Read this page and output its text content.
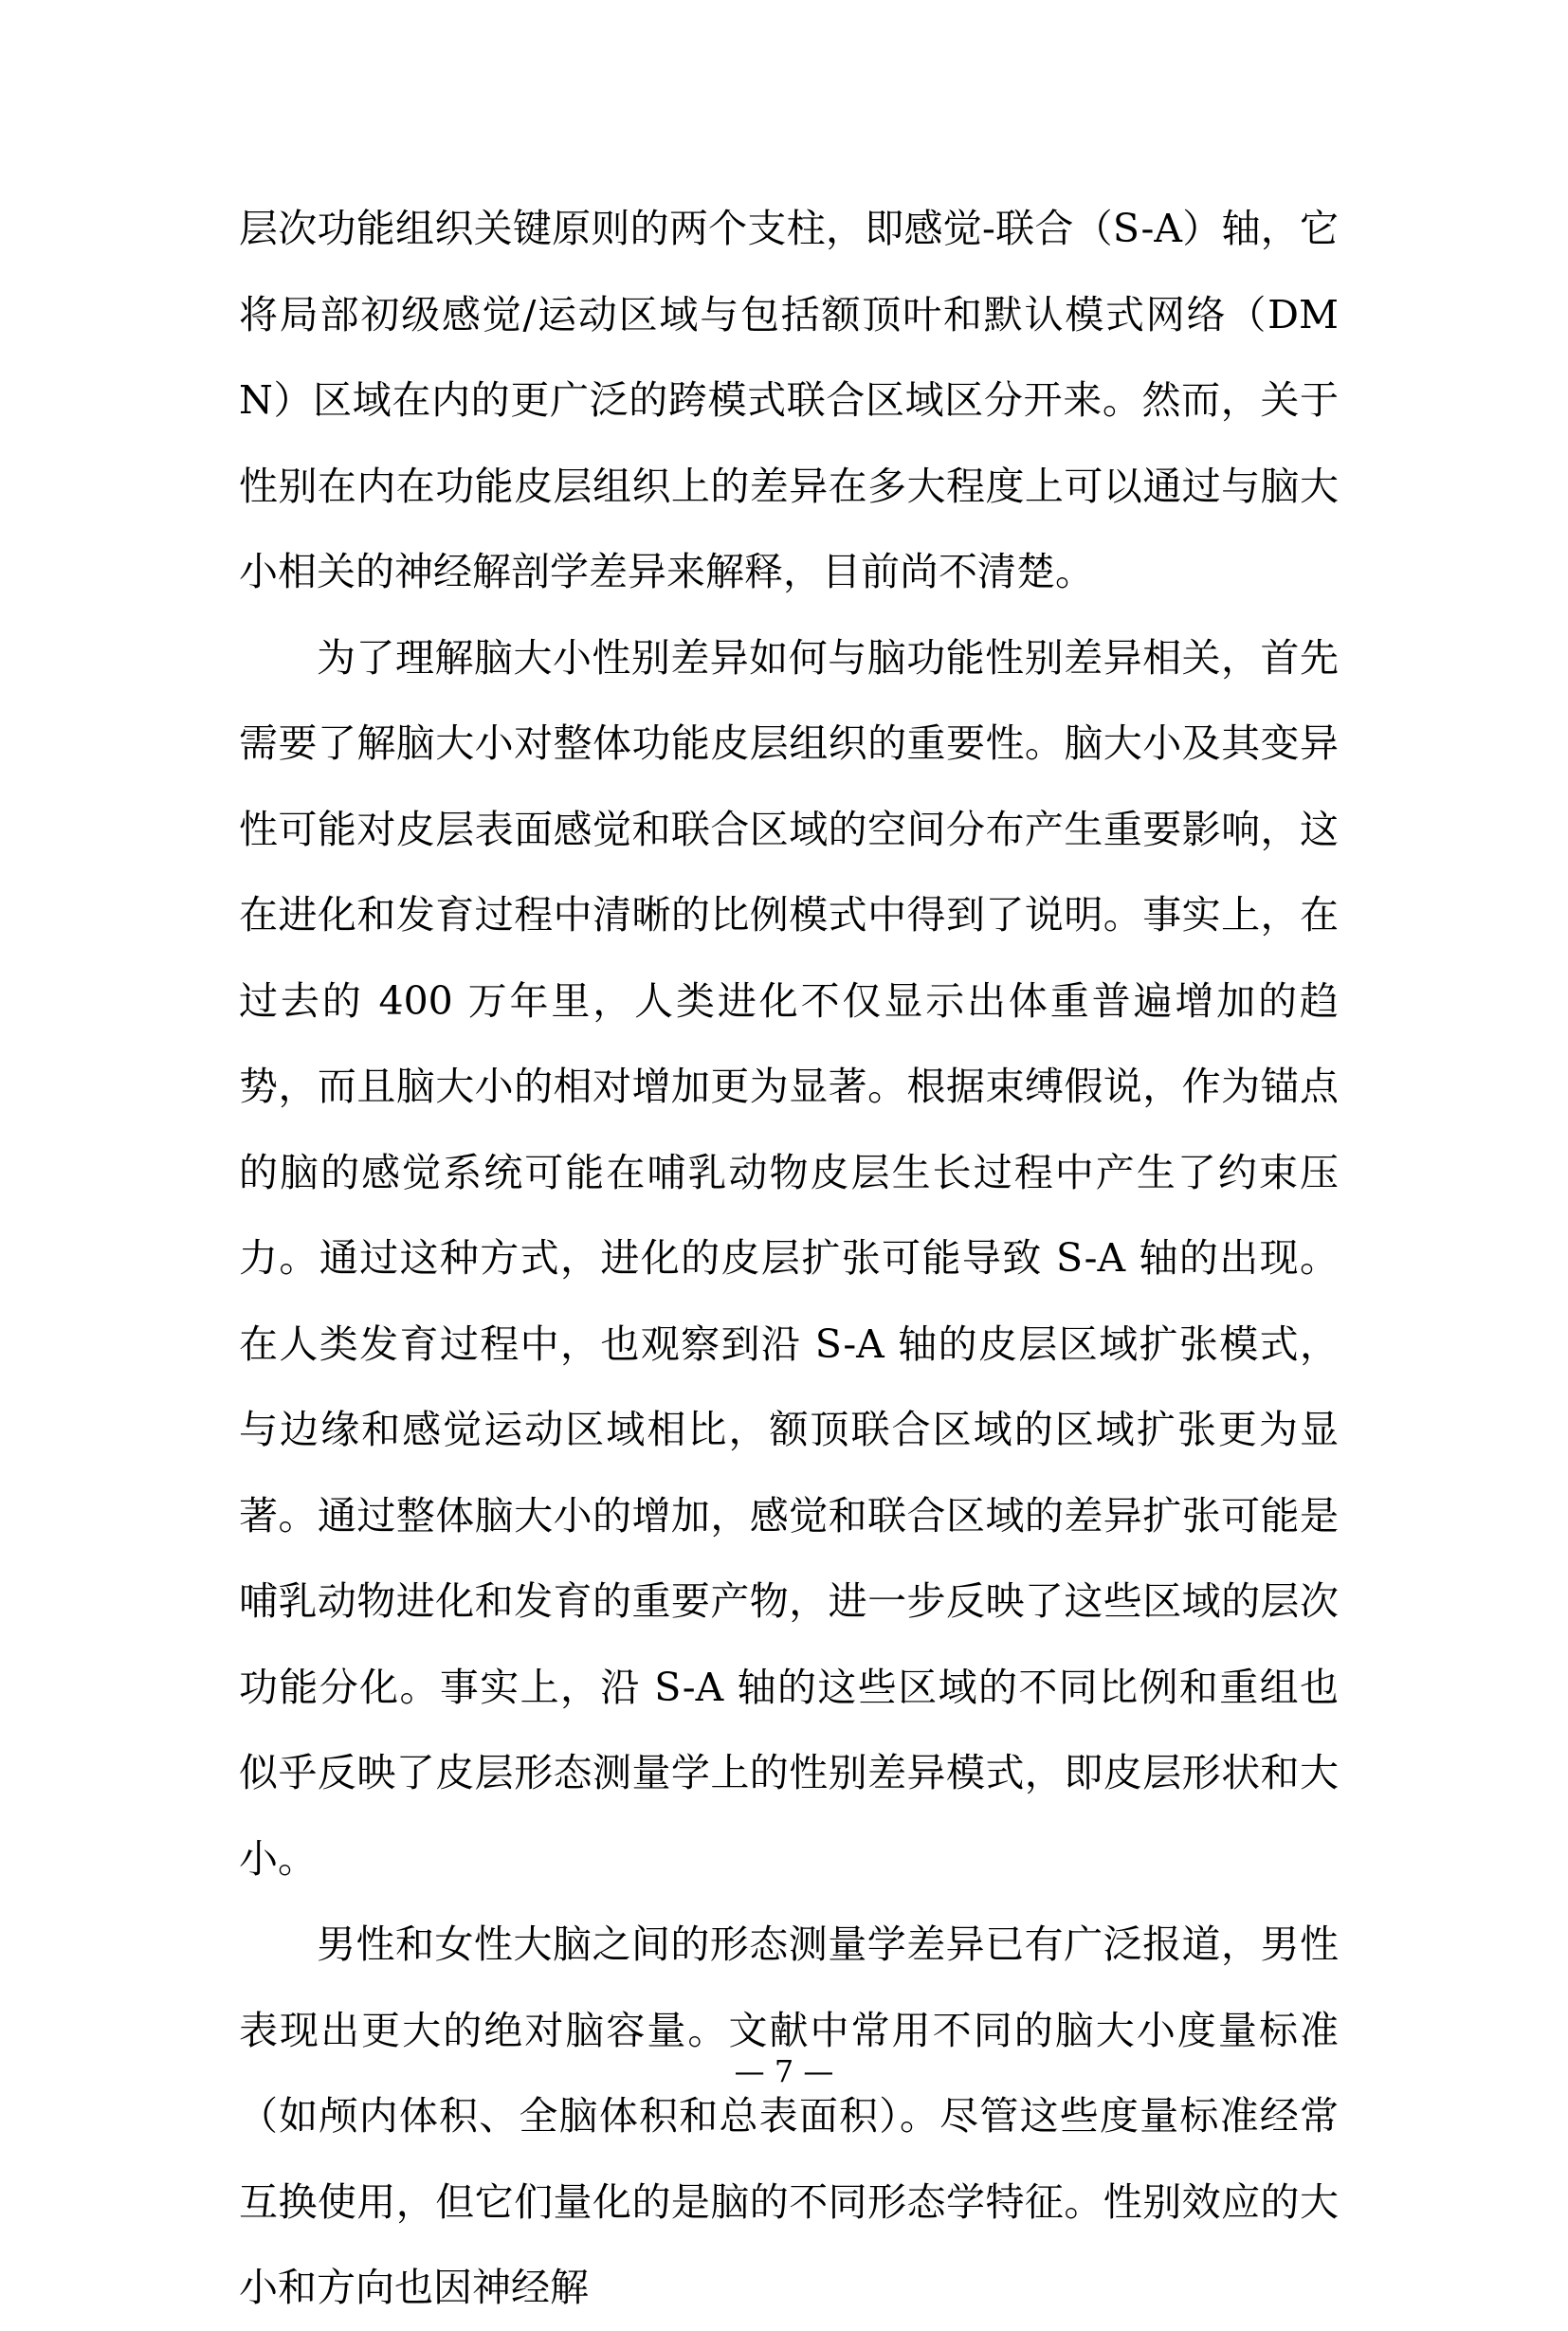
层次功能组织关键原则的两个支柱，即感觉-联合（S-A）轴，它将局部初级感觉/运动区域与包括额顶叶和默认模式网络（DMN）区域在内的更广泛的跨模式联合区域区分开来。然而，关于性别在内在功能皮层组织上的差异在多大程度上可以通过与脑大小相关的神经解剖学差异来解释，目前尚不清楚。

为了理解脑大小性别差异如何与脑功能性别差异相关，首先需要了解脑大小对整体功能皮层组织的重要性。脑大小及其变异性可能对皮层表面感觉和联合区域的空间分布产生重要影响，这在进化和发育过程中清晰的比例模式中得到了说明。事实上，在过去的 400 万年里，人类进化不仅显示出体重普遍增加的趋势，而且脑大小的相对增加更为显著。根据束缚假说，作为锚点的脑的感觉系统可能在哺乳动物皮层生长过程中产生了约束压力。通过这种方式，进化的皮层扩张可能导致 S-A 轴的出现。在人类发育过程中，也观察到沿 S-A 轴的皮层区域扩张模式，与边缘和感觉运动区域相比，额顶联合区域的区域扩张更为显著。通过整体脑大小的增加，感觉和联合区域的差异扩张可能是哺乳动物进化和发育的重要产物，进一步反映了这些区域的层次功能分化。事实上，沿 S-A 轴的这些区域的不同比例和重组也似乎反映了皮层形态测量学上的性别差异模式，即皮层形状和大小。

男性和女性大脑之间的形态测量学差异已有广泛报道，男性表现出更大的绝对脑容量。文献中常用不同的脑大小度量标准（如颅内体积、全脑体积和总表面积）。尽管这些度量标准经常互换使用，但它们量化的是脑的不同形态学特征。性别效应的大小和方向也因神经解

— 7 —
